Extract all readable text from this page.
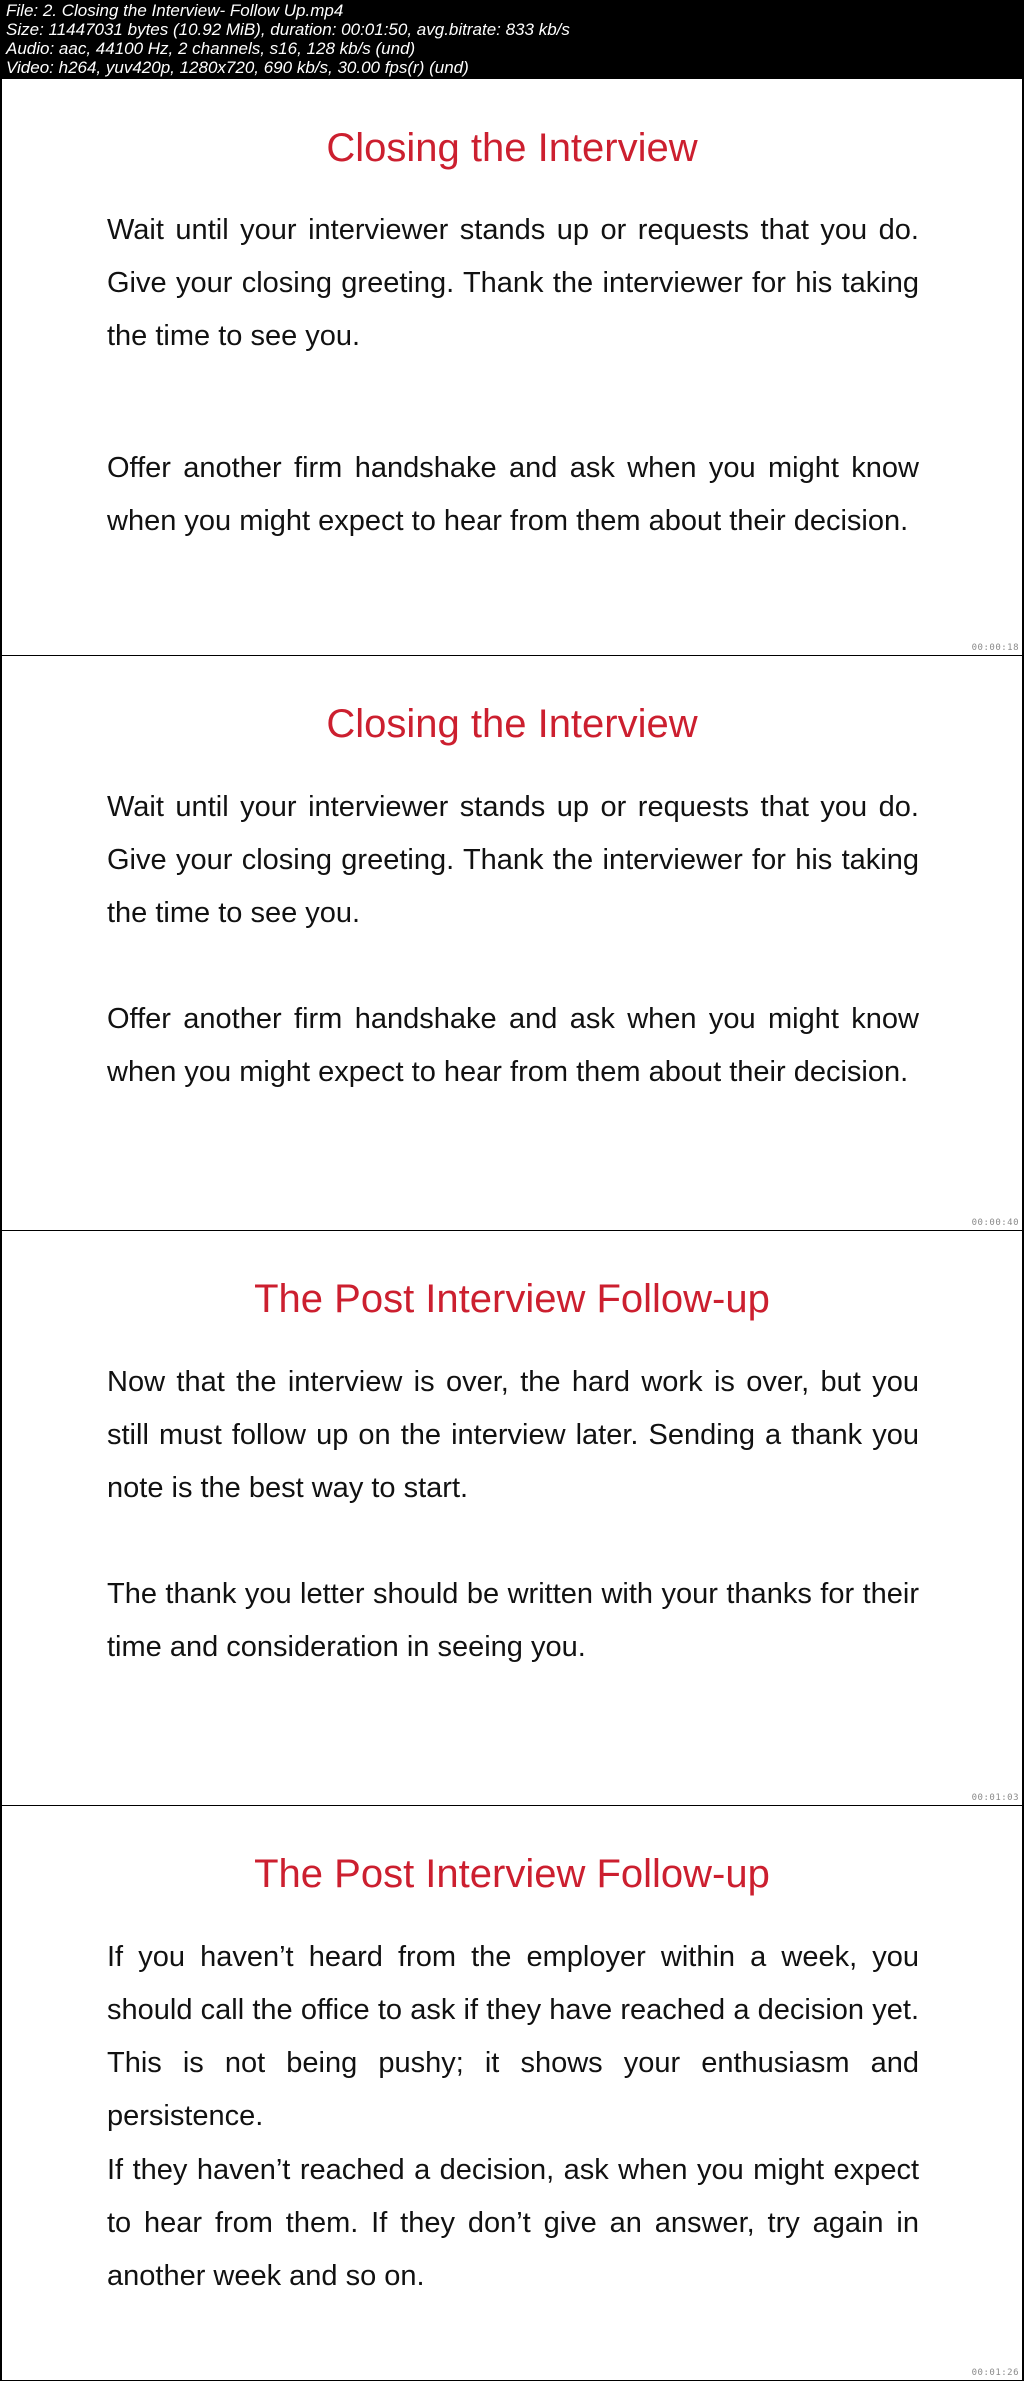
File: 2. Closing the Interview- Follow Up.mp4
Size: 11447031 bytes (10.92 MiB), duration: 00:01:50, avg.bitrate: 833 kb/s
Audio: aac, 44100 Hz, 2 channels, s16, 128 kb/s (und)
Video: h264, yuv420p, 1280x720, 690 kb/s, 30.00 fps(r) (und)
Closing the Interview

Wait until your interviewer stands up or requests that you do. Give your closing greeting. Thank the interviewer for his taking the time to see you.

Offer another firm handshake and ask when you might know when you might expect to hear from them about their decision.

00:00:18
Closing the Interview

Wait until your interviewer stands up or requests that you do. Give your closing greeting. Thank the interviewer for his taking the time to see you.

Offer another firm handshake and ask when you might know when you might expect to hear from them about their decision.

00:00:40
The Post Interview Follow-up

Now that the interview is over, the hard work is over, but you still must follow up on the interview later. Sending a thank you note is the best way to start.

The thank you letter should be written with your thanks for their time and consideration in seeing you.

00:01:03
The Post Interview Follow-up

If you haven’t heard from the employer within a week, you should call the office to ask if they have reached a decision yet. This is not being pushy; it shows your enthusiasm and persistence.

If they haven’t reached a decision, ask when you might expect to hear from them. If they don’t give an answer, try again in another week and so on.

00:01:26
